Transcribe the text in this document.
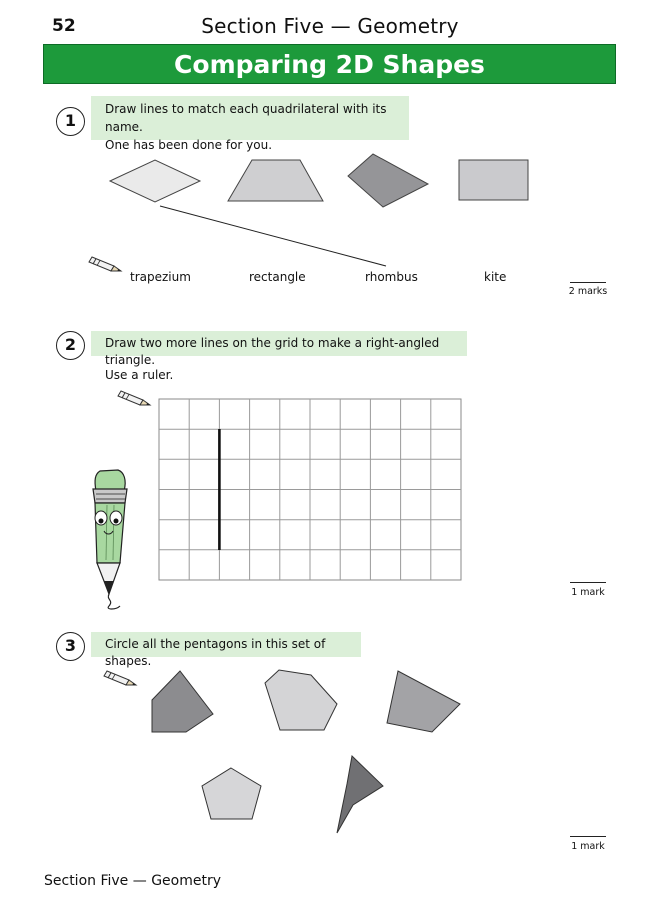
52	Section Five — Geometry
Comparing 2D Shapes
1
Draw lines to match each quadrilateral with its name.
One has been done for you.
trapezium	rectangle	rhombus	kite
2 marks
2	Draw two more lines on the grid to make a right-angled triangle.
Use a ruler.
1 mark
3	Circle all the pentagons in this set of shapes.
1 mark
Section Five — Geometry
